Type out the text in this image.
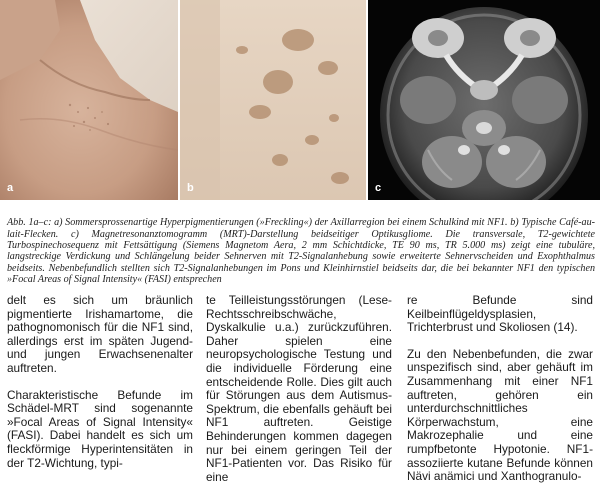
a	b	c

Abb. 1a–c: a) Sommersprossenartige Hyperpigmentierungen (»Freckling«) der Axillarregion bei einem Schulkind mit NF1. b) Typische Café-au-lait-Flecken. c) Magnetresonanztomogramm (MRT)-Darstellung beidseitiger Optikusgliome. Die transversale, T2-gewichtete Turbospinechosequenz mit Fettsättigung (Siemens Magnetom Aera, 2 mm Schichtdicke, TE 90 ms, TR 5.000 ms) zeigt eine tubuläre, langstreckige Verdickung und Schlängelung beider Sehnerven mit T2-Signalanhebung sowie erweiterte Sehnervscheiden und Exophthalmus beidseits. Nebenbefundlich stellten sich T2-Signalanhebungen im Pons und Kleinhirnstiel beidseits dar, die bei bekannter NF1 den typischen »Focal Areas of Signal Intensity« (FASI) entsprechen

delt es sich um bräunlich pigmentierte Irishamartome, die pathognomonisch für die NF1 sind, allerdings erst im späten Jugend- und jungen Erwachsenenalter auftreten.

Charakteristische Befunde im Schädel-MRT sind sogenannte »Focal Areas of Signal Intensity« (FASI). Dabei handelt es sich um fleckförmige Hyperintensitäten in der T2-Wichtung, typi-

te Teilleistungsstörungen (Lese-Rechtsschreibschwäche, Dyskalkulie u.a.) zurückzuführen. Daher spielen eine neuropsychologische Testung und die individuelle Förderung eine entscheidende Rolle. Dies gilt auch für Störungen aus dem Autismus-Spektrum, die ebenfalls gehäuft bei NF1 auftreten. Geistige Behinderungen kommen dagegen nur bei einem geringen Teil der NF1-Patienten vor. Das Risiko für eine

re Befunde sind Keilbeinflügeldysplasien, Trichterbrust und Skoliosen (14).

Zu den Nebenbefunden, die zwar unspezifisch sind, aber gehäuft im Zusammenhang mit einer NF1 auftreten, gehören ein unterdurchschnittliches Körperwachstum, eine Makrozephalie und eine rumpfbetonte Hypotonie. NF1-assoziierte kutane Befunde können Nävi anämici und Xanthogranulo-
